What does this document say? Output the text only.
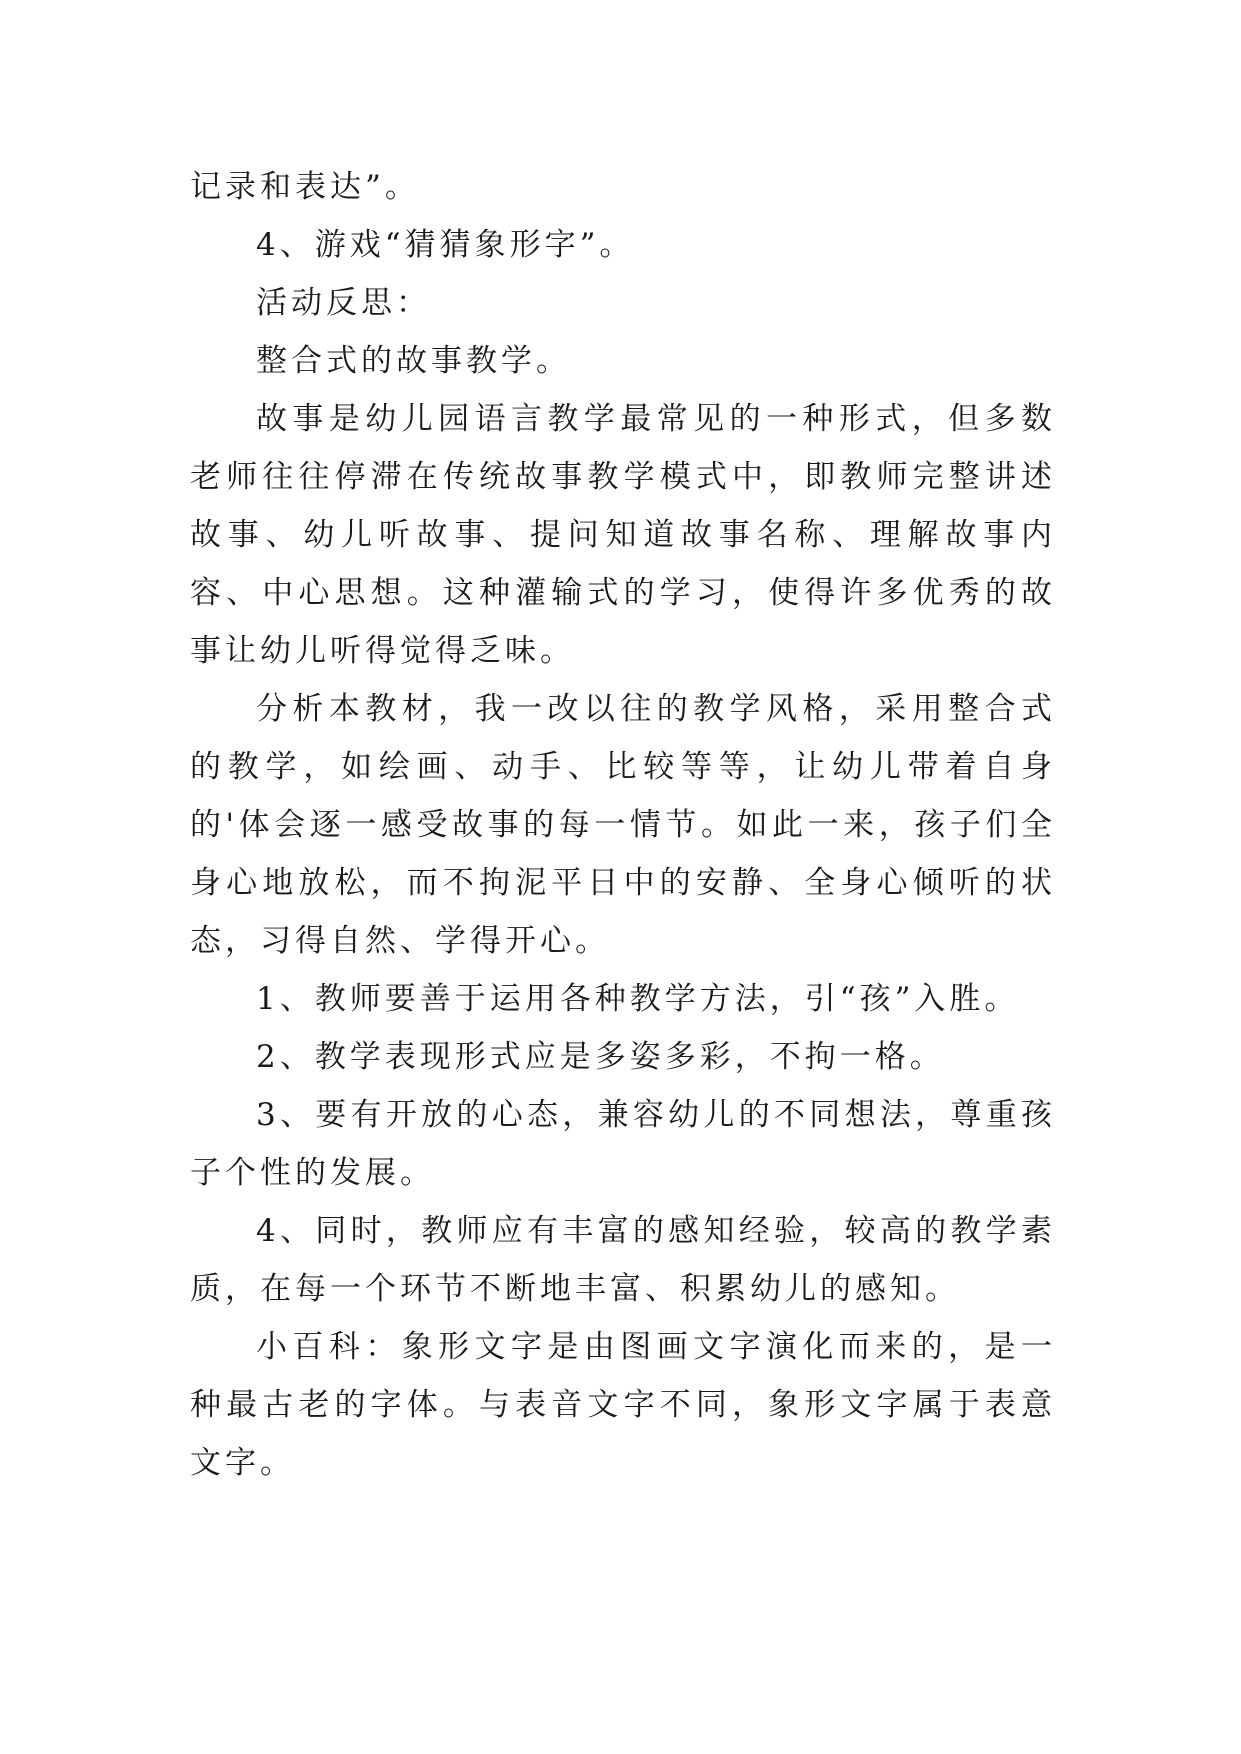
记录和表达”。

4、游戏“猜猜象形字”。

活动反思：

整合式的故事教学。

故事是幼儿园语言教学最常见的一种形式，但多数老师往往停滞在传统故事教学模式中，即教师完整讲述故事、幼儿听故事、提问知道故事名称、理解故事内容、中心思想。这种灌输式的学习，使得许多优秀的故事让幼儿听得觉得乏味。

分析本教材，我一改以往的教学风格，采用整合式的教学，如绘画、动手、比较等等，让幼儿带着自身的'体会逐一感受故事的每一情节。如此一来，孩子们全身心地放松，而不拘泥平日中的安静、全身心倾听的状态，习得自然、学得开心。

1、教师要善于运用各种教学方法，引“孩”入胜。

2、教学表现形式应是多姿多彩，不拘一格。

3、要有开放的心态，兼容幼儿的不同想法，尊重孩子个性的发展。

4、同时，教师应有丰富的感知经验，较高的教学素质，在每一个环节不断地丰富、积累幼儿的感知。

小百科：象形文字是由图画文字演化而来的，是一种最古老的字体。与表音文字不同，象形文字属于表意文字。
